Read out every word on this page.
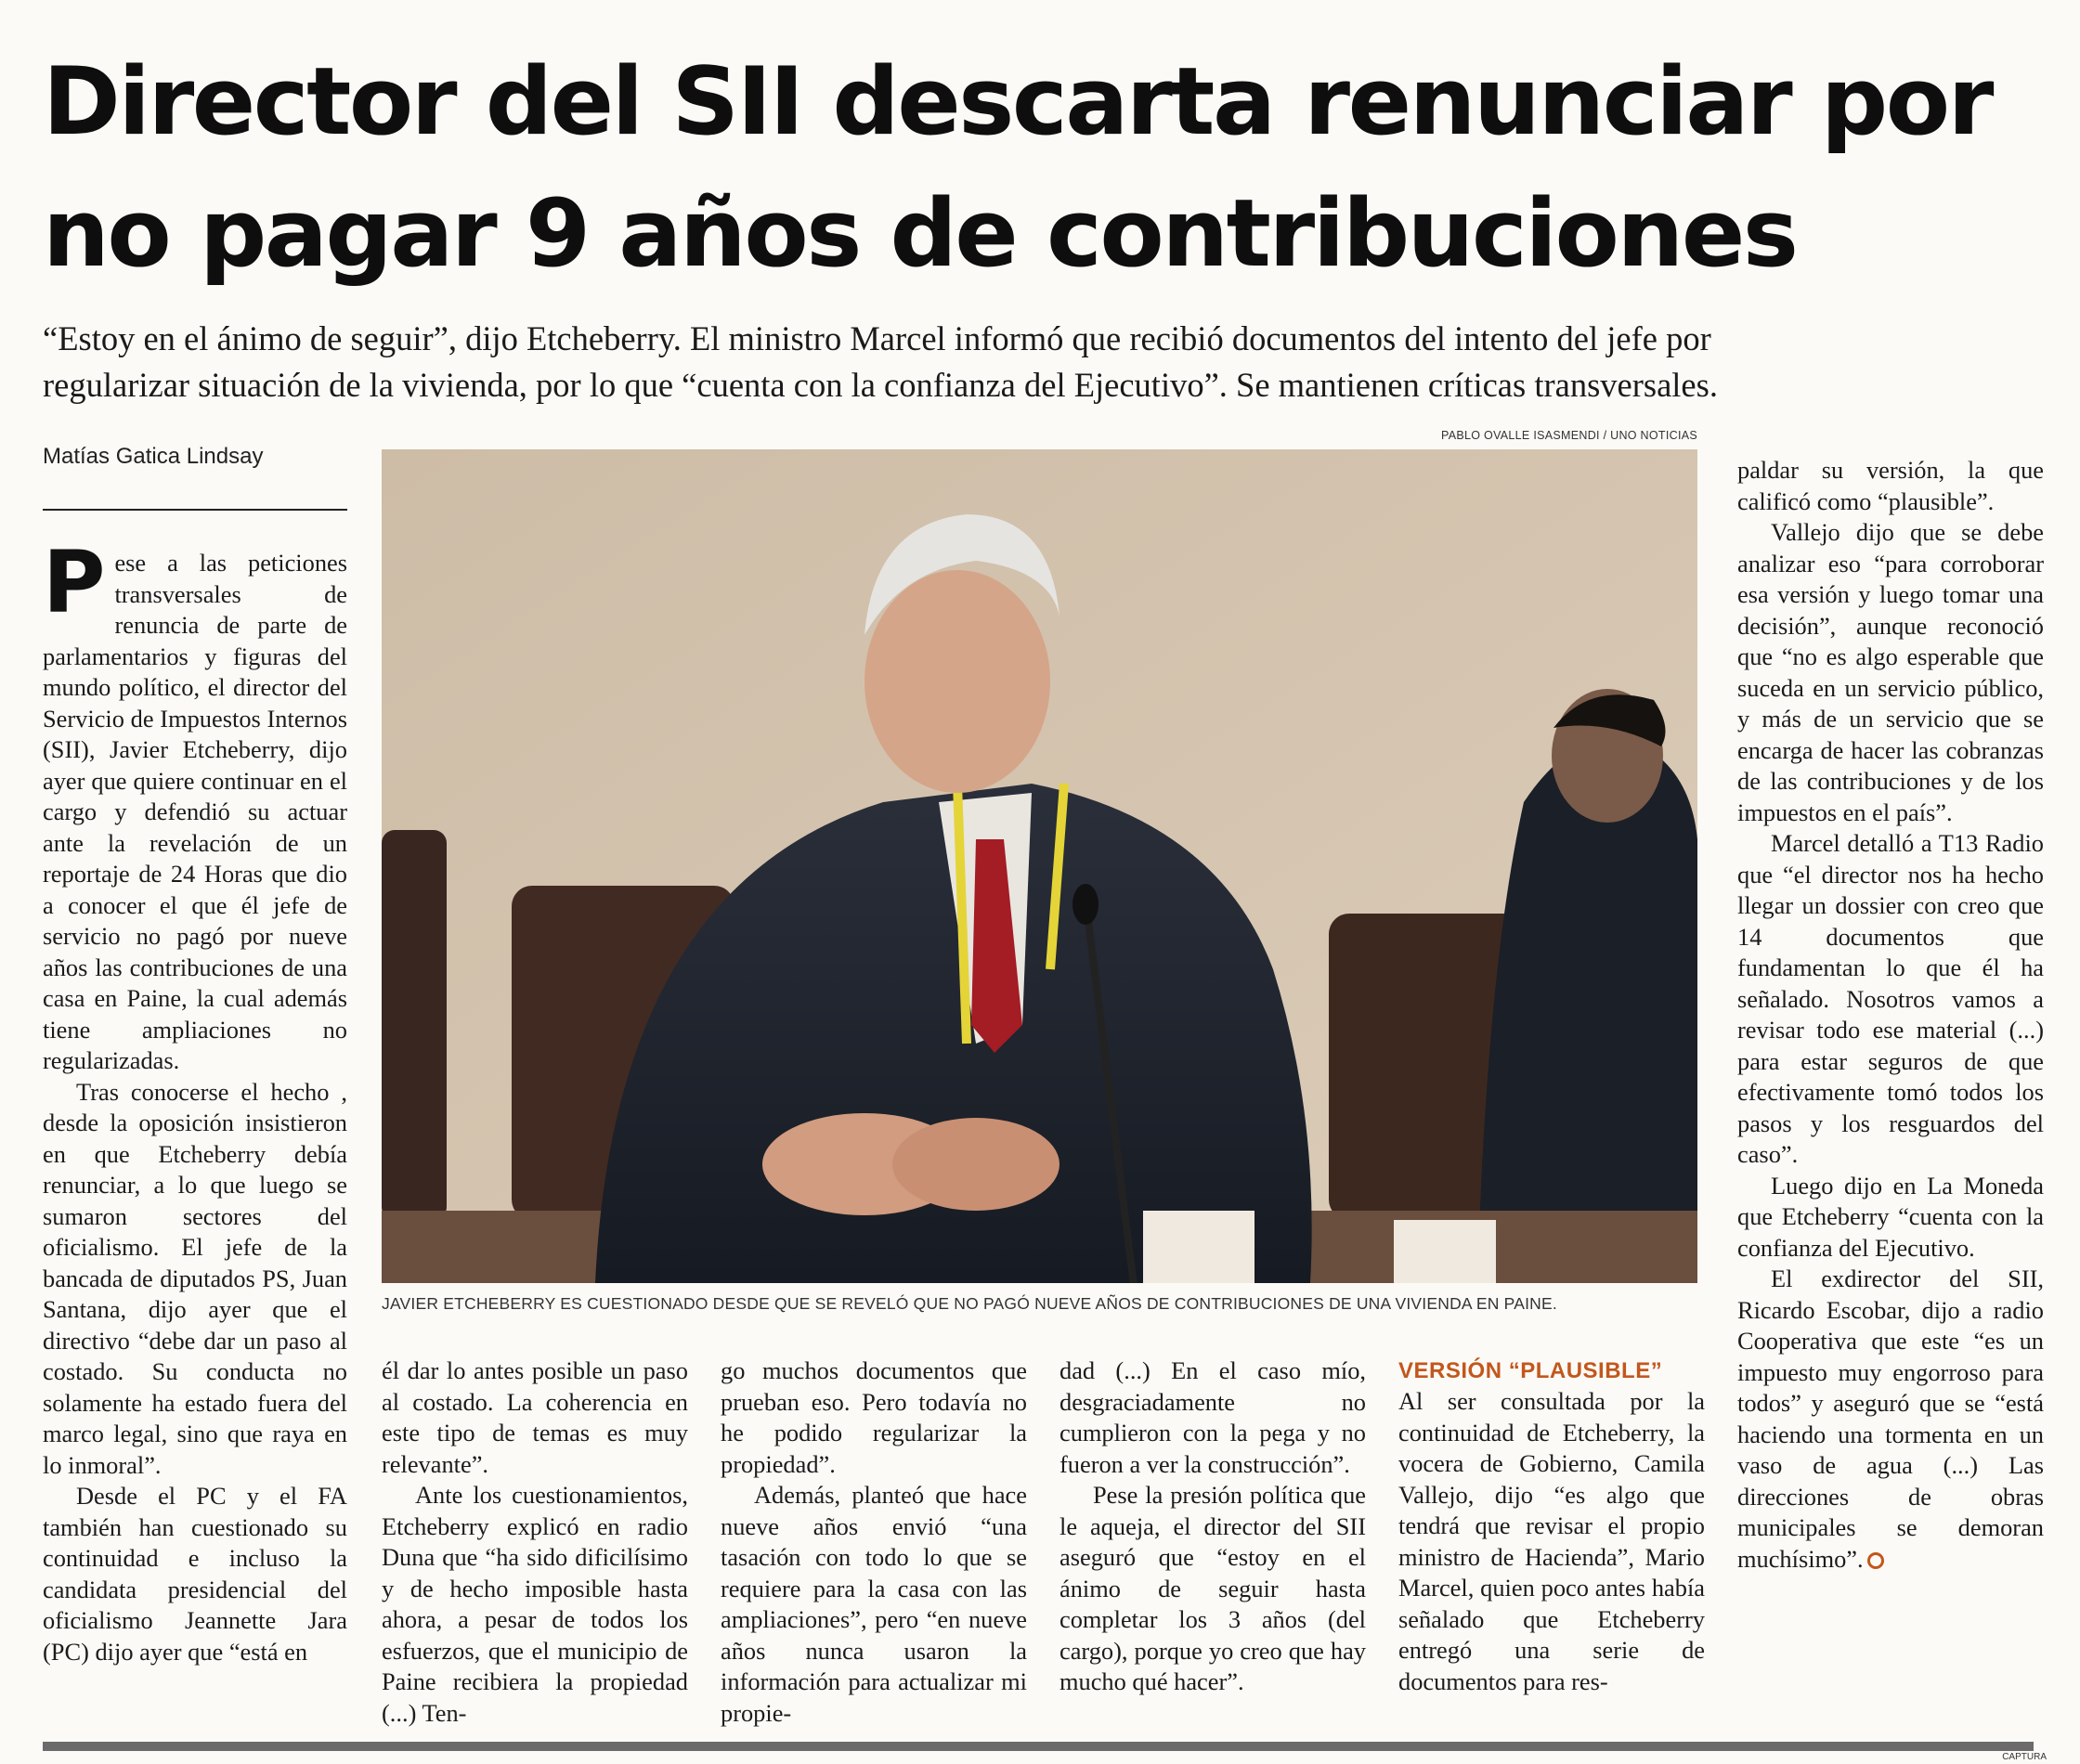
Director del SII descarta renunciar por
no pagar 9 años de contribuciones
“Estoy en el ánimo de seguir”, dijo Etcheberry. El ministro Marcel informó que recibió documentos del intento del jefe por
regularizar situación de la vivienda, por lo que “cuenta con la confianza del Ejecutivo”. Se mantienen críticas transversales.
Matías Gatica Lindsay
PABLO OVALLE ISASMENDI / UNO NOTICIAS
JAVIER ETCHEBERRY ES CUESTIONADO DESDE QUE SE REVELÓ QUE NO PAGÓ NUEVE AÑOS DE CONTRIBUCIONES DE UNA VIVIENDA EN PAINE.

Pese a las peticiones transversales de renuncia de parte de parlamentarios y figuras del mundo político, el director del Servicio de Impuestos Internos (SII), Javier Etcheberry, dijo ayer que quiere continuar en el cargo y defendió su actuar ante la revelación de un reportaje de 24 Horas que dio a conocer el que él jefe de servicio no pagó por nueve años las contribuciones de una casa en Paine, la cual además tiene ampliaciones no regularizadas.

Tras conocerse el hecho , desde la oposición insistieron en que Etcheberry debía renunciar, a lo que luego se sumaron sectores del oficialismo. El jefe de la bancada de diputados PS, Juan Santana, dijo ayer que el directivo “debe dar un paso al costado. Su conducta no solamente ha estado fuera del marco legal, sino que raya en lo inmoral”.

Desde el PC y el FA también han cuestionado su continuidad e incluso la candidata presidencial del oficialismo Jeannette Jara (PC) dijo ayer que “está en

él dar lo antes posible un paso al costado. La coherencia en este tipo de temas es muy relevante”.

Ante los cuestionamientos, Etcheberry explicó en radio Duna que “ha sido dificilísimo y de hecho imposible hasta ahora, a pesar de todos los esfuerzos, que el municipio de Paine recibiera la propiedad (...) Ten-

go muchos documentos que prueban eso. Pero todavía no he podido regularizar la propiedad”.

Además, planteó que hace nueve años envió “una tasación con todo lo que se requiere para la casa con las ampliaciones”, pero “en nueve años nunca usaron la información para actualizar mi propie-

dad (...) En el caso mío, desgraciadamente no cumplieron con la pega y no fueron a ver la construcción”.

Pese la presión política que le aqueja, el director del SII aseguró que “estoy en el ánimo de seguir hasta completar los 3 años (del cargo), porque yo creo que hay mucho qué hacer”.

VERSIÓN “PLAUSIBLE”

Al ser consultada por la continuidad de Etcheberry, la vocera de Gobierno, Camila Vallejo, dijo “es algo que tendrá que revisar el propio ministro de Hacienda”, Mario Marcel, quien poco antes había señalado que Etcheberry entregó una serie de documentos para res-

paldar su versión, la que calificó como “plausible”.

Vallejo dijo que se debe analizar eso “para corroborar esa versión y luego tomar una decisión”, aunque reconoció que “no es algo esperable que suceda en un servicio público, y más de un servicio que se encarga de hacer las cobranzas de las contribuciones y de los impuestos en el país”.

Marcel detalló a T13 Radio que “el director nos ha hecho llegar un dossier con creo que 14 documentos que fundamentan lo que él ha señalado. Nosotros vamos a revisar todo ese material (...) para estar seguros de que efectivamente tomó todos los pasos y los resguardos del caso”.

Luego dijo en La Moneda que Etcheberry “cuenta con la confianza del Ejecutivo.

El exdirector del SII, Ricardo Escobar, dijo a radio Cooperativa que este “es un impuesto muy engorroso para todos” y aseguró que se “está haciendo una tormenta en un vaso de agua (...) Las direcciones de obras municipales se demoran muchísimo”.

CAPTURA
